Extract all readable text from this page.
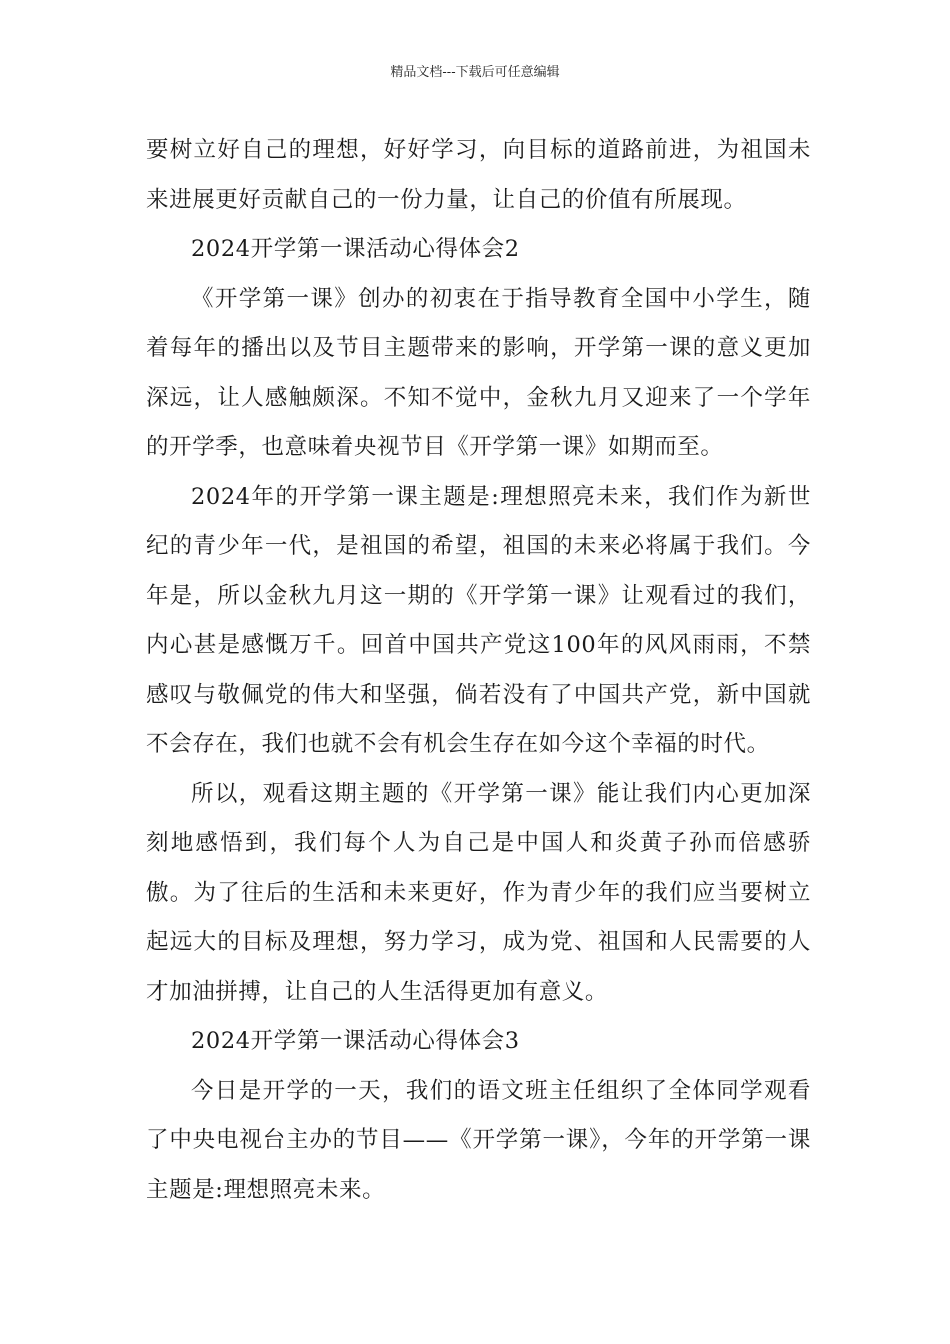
精品文档---下载后可任意编辑

要树立好自己的理想，好好学习，向目标的道路前进，为祖国未来进展更好贡献自己的一份力量，让自己的价值有所展现。

2024开学第一课活动心得体会2

《开学第一课》创办的初衷在于指导教育全国中小学生，随着每年的播出以及节目主题带来的影响，开学第一课的意义更加深远，让人感触颇深。不知不觉中，金秋九月又迎来了一个学年的开学季，也意味着央视节目《开学第一课》如期而至。

2024年的开学第一课主题是:理想照亮未来，我们作为新世纪的青少年一代，是祖国的希望，祖国的未来必将属于我们。今年是，所以金秋九月这一期的《开学第一课》让观看过的我们，内心甚是感慨万千。回首中国共产党这100年的风风雨雨，不禁感叹与敬佩党的伟大和坚强，倘若没有了中国共产党，新中国就不会存在，我们也就不会有机会生存在如今这个幸福的时代。

所以，观看这期主题的《开学第一课》能让我们内心更加深刻地感悟到，我们每个人为自己是中国人和炎黄子孙而倍感骄傲。为了往后的生活和未来更好，作为青少年的我们应当要树立起远大的目标及理想，努力学习，成为党、祖国和人民需要的人才加油拼搏，让自己的人生活得更加有意义。

2024开学第一课活动心得体会3

今日是开学的一天，我们的语文班主任组织了全体同学观看了中央电视台主办的节目——《开学第一课》，今年的开学第一课主题是:理想照亮未来。
